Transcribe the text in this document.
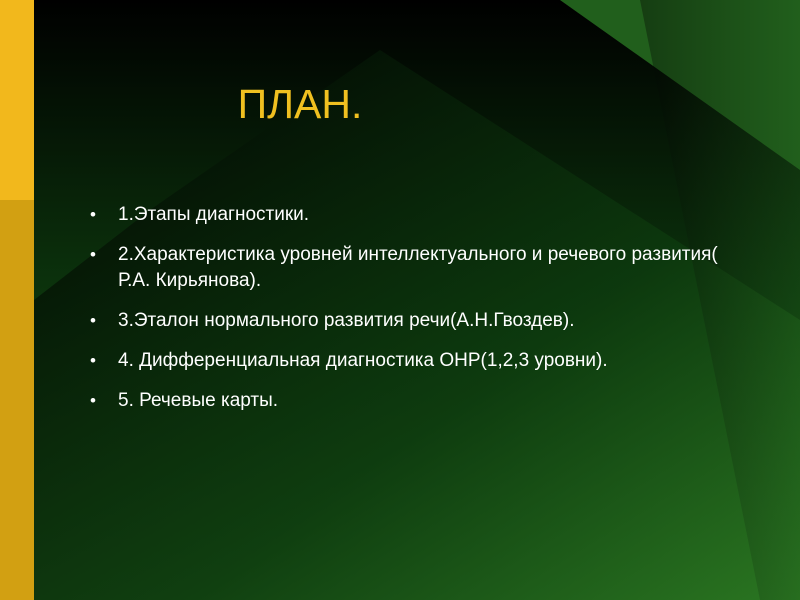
ПЛАН.
•	1.Этапы диагностики.
•	2.Характеристика уровней интеллектуального и речевого развития( Р.А. Кирьянова).
•	3.Эталон нормального развития речи(А.Н.Гвоздев).
•	4. Дифференциальная диагностика ОНР(1,2,3 уровни).
•	5. Речевые карты.
